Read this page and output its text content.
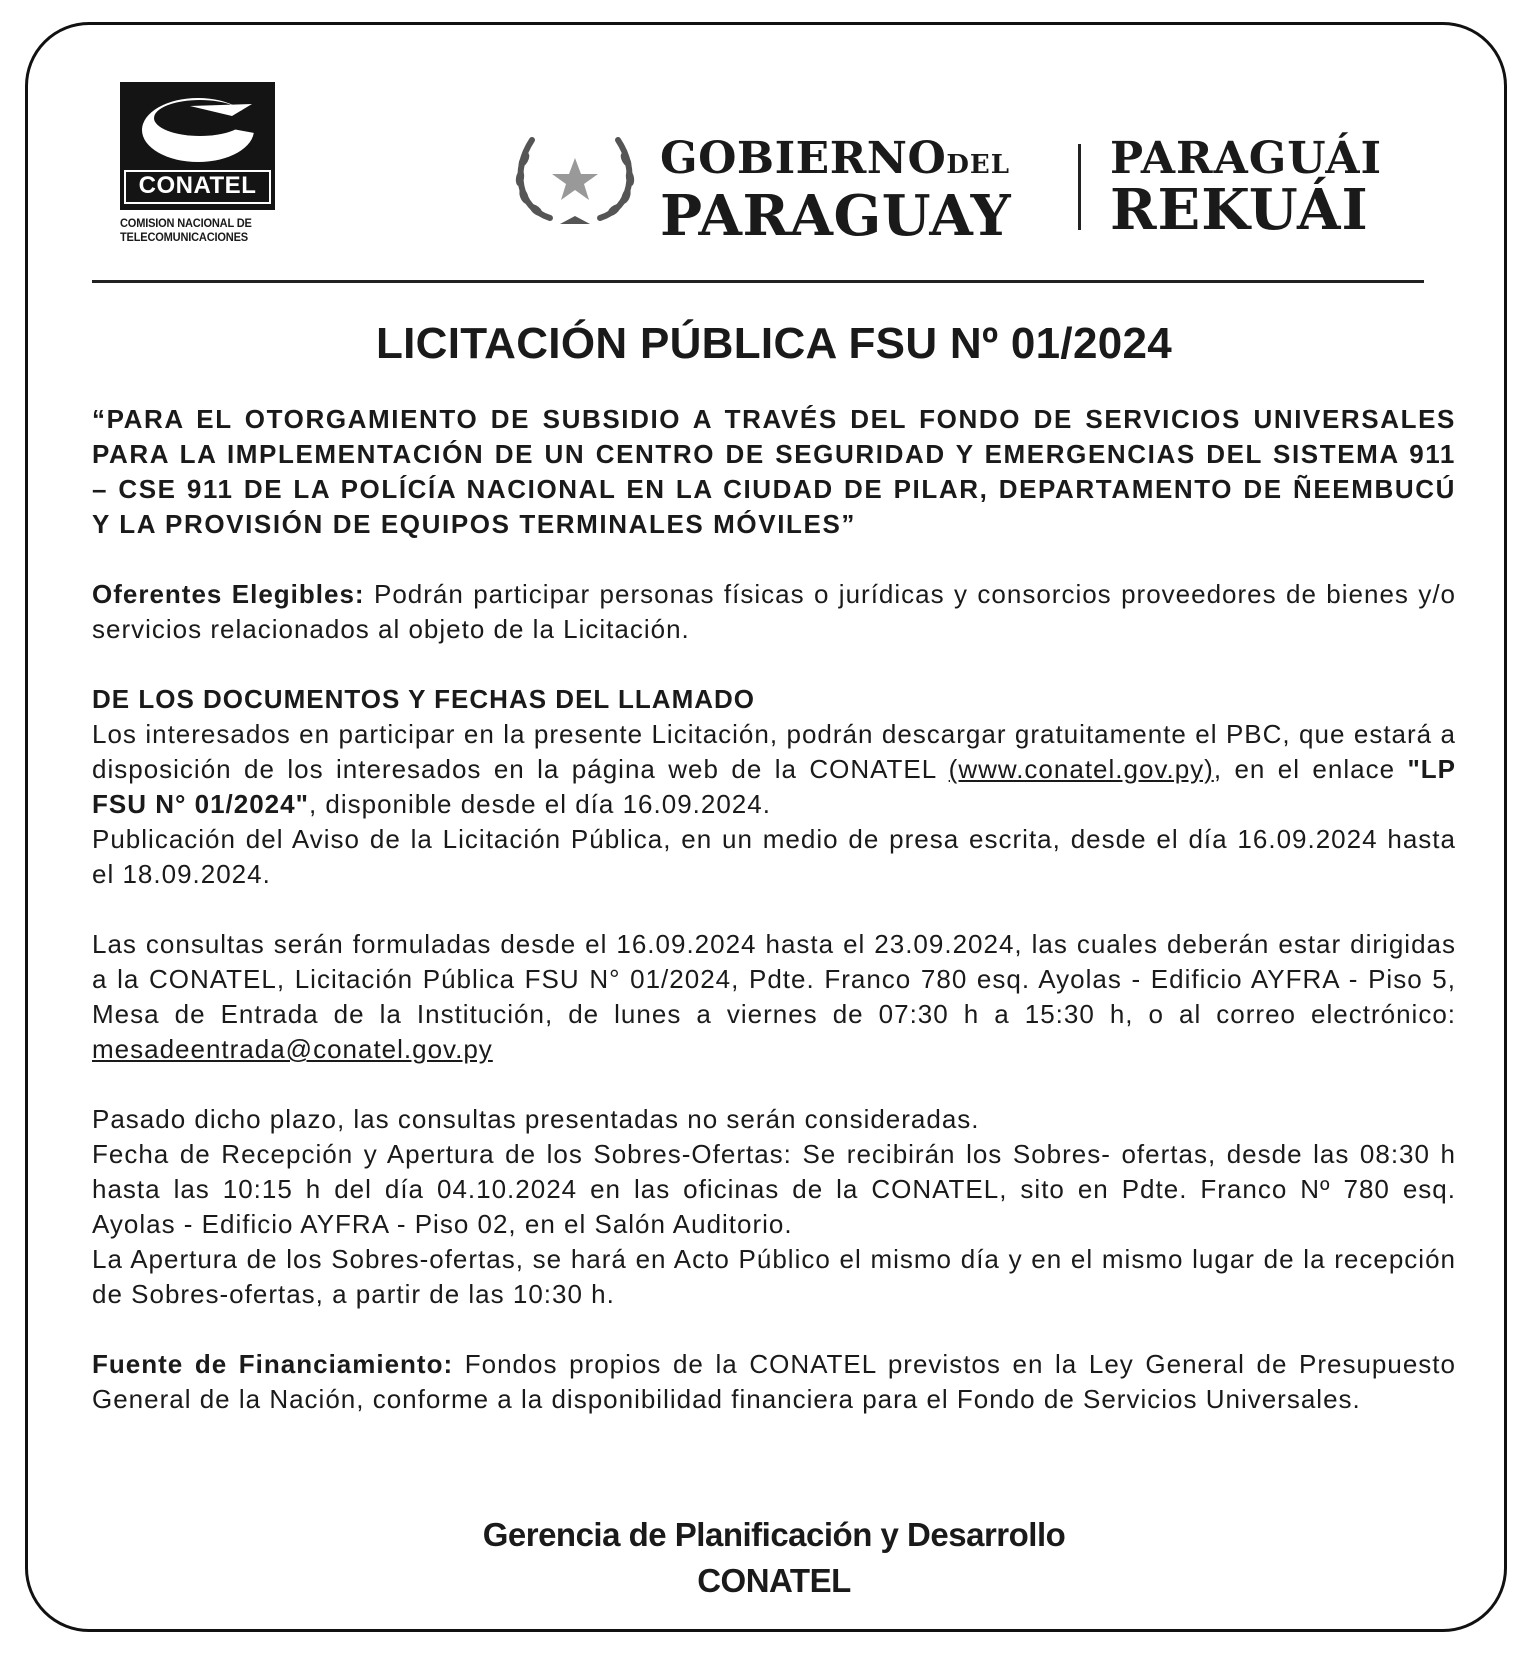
CONATEL
COMISION NACIONAL DE
TELECOMUNICACIONES
GOBIERNODEL
PARAGUAY
PARAGUÁI
REKUÁI
LICITACIÓN PÚBLICA FSU Nº 01/2024

“PARA EL OTORGAMIENTO DE SUBSIDIO A TRAVÉS DEL FONDO DE SERVICIOS UNIVERSALES PARA LA IMPLEMENTACIÓN DE UN CENTRO DE SEGURIDAD Y EMERGENCIAS DEL SISTEMA 911 – CSE 911 DE LA POLÍCÍA NACIONAL EN LA CIUDAD DE PILAR, DEPARTAMENTO DE ÑEEMBUCÚ Y LA PROVISIÓN DE EQUIPOS TERMINALES MÓVILES”

Oferentes Elegibles: Podrán participar personas físicas o jurídicas y consorcios proveedores de bienes y/o servicios relacionados al objeto de la Licitación.

DE LOS DOCUMENTOS Y FECHAS DEL LLAMADO

Los interesados en participar en la presente Licitación, podrán descargar gratuitamente el PBC, que estará a disposición de los interesados en la página web de la CONATEL (www.conatel.gov.py), en el enlace "LP FSU N° 01/2024", disponible desde el día 16.09.2024.

Publicación del Aviso de la Licitación Pública, en un medio de presa escrita, desde el día 16.09.2024 hasta el 18.09.2024.

Las consultas serán formuladas desde el 16.09.2024 hasta el 23.09.2024, las cuales deberán estar dirigidas a la CONATEL, Licitación Pública FSU N° 01/2024, Pdte. Franco 780 esq. Ayolas - Edificio AYFRA - Piso 5, Mesa de Entrada de la Institución, de lunes a viernes de 07:30 h a 15:30 h, o al correo electrónico: mesadeentrada@conatel.gov.py

Pasado dicho plazo, las consultas presentadas no serán consideradas.

Fecha de Recepción y Apertura de los Sobres-Ofertas: Se recibirán los Sobres- ofertas, desde las 08:30 h hasta las 10:15 h del día 04.10.2024 en las oficinas de la CONATEL, sito en Pdte. Franco Nº 780 esq. Ayolas - Edificio AYFRA - Piso 02, en el Salón Auditorio.

La Apertura de los Sobres-ofertas, se hará en Acto Público el mismo día y en el mismo lugar de la recepción de Sobres-ofertas, a partir de las 10:30 h.

Fuente de Financiamiento: Fondos propios de la CONATEL previstos en la Ley General de Presupuesto General de la Nación, conforme a la disponibilidad financiera para el Fondo de Servicios Universales.

Gerencia de Planificación y Desarrollo
CONATEL
